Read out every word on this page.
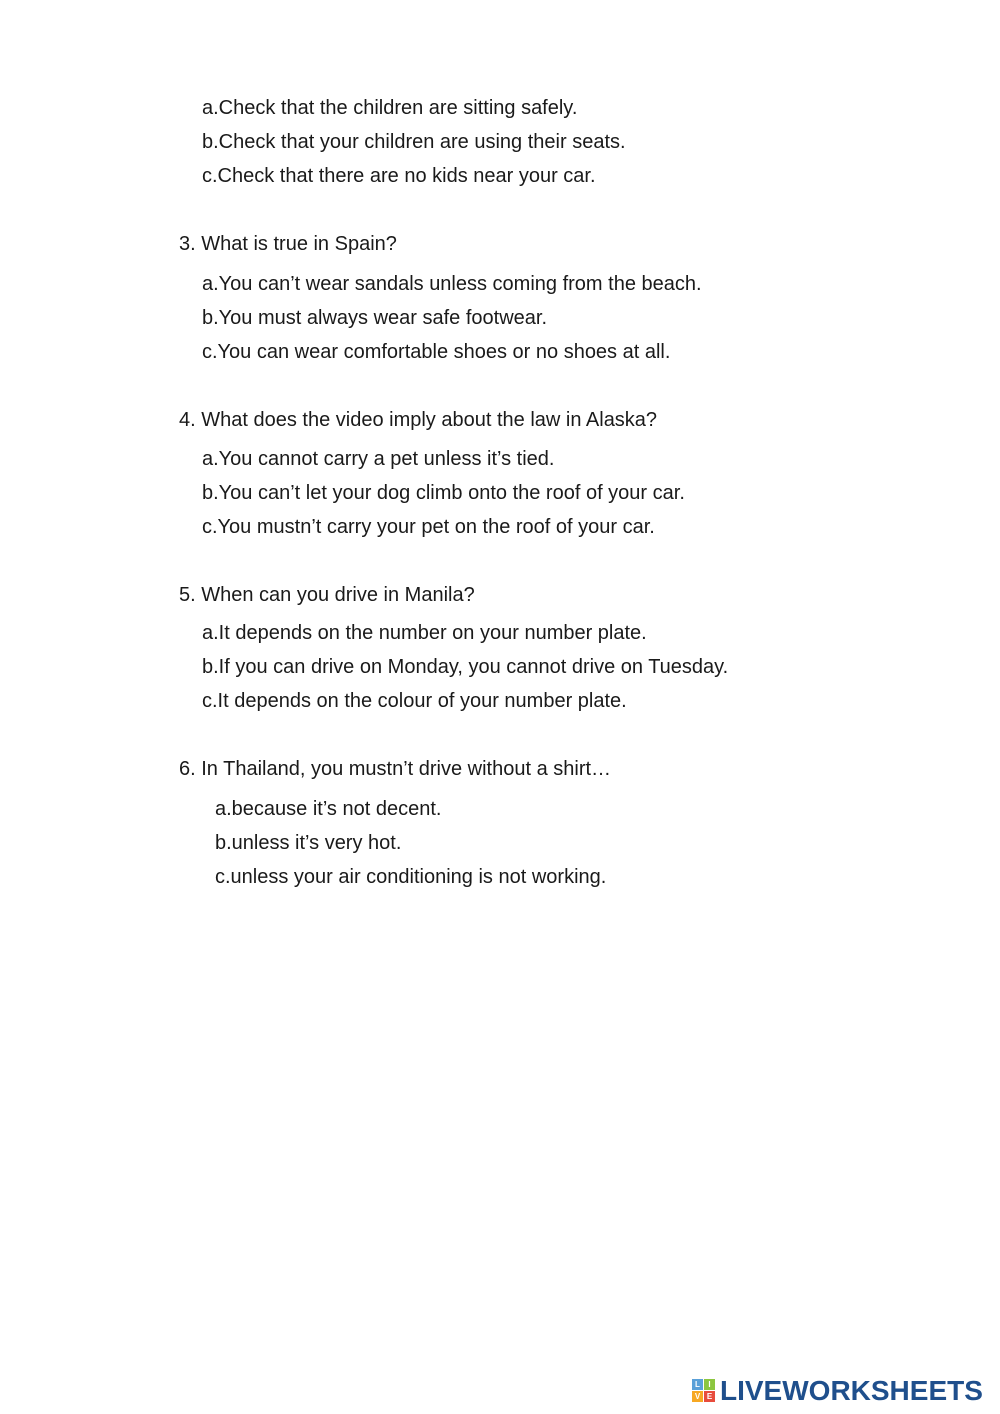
a.Check that the children are sitting safely.
b.Check that your children are using their seats.
c.Check that there are no kids near your car.
3. What is true in Spain?
a.You can’t wear sandals unless coming from the beach.
b.You must always wear safe footwear.
c.You can wear comfortable shoes or no shoes at all.
4. What does the video imply about the law in Alaska?
a.You cannot carry a pet unless it’s tied.
b.You can’t let your dog climb onto the roof of your car.
c.You mustn’t carry your pet on the roof of your car.
5. When can you drive in Manila?
a.It depends on the number on your number plate.
b.If you can drive on Monday, you cannot drive on Tuesday.
c.It depends on the colour of your number plate.
6. In Thailand, you mustn’t drive without a shirt…
a.because it’s not decent.
b.unless it’s very hot.
c.unless your air conditioning is not working.
L	I
V E LIVEWORKSHEETS
